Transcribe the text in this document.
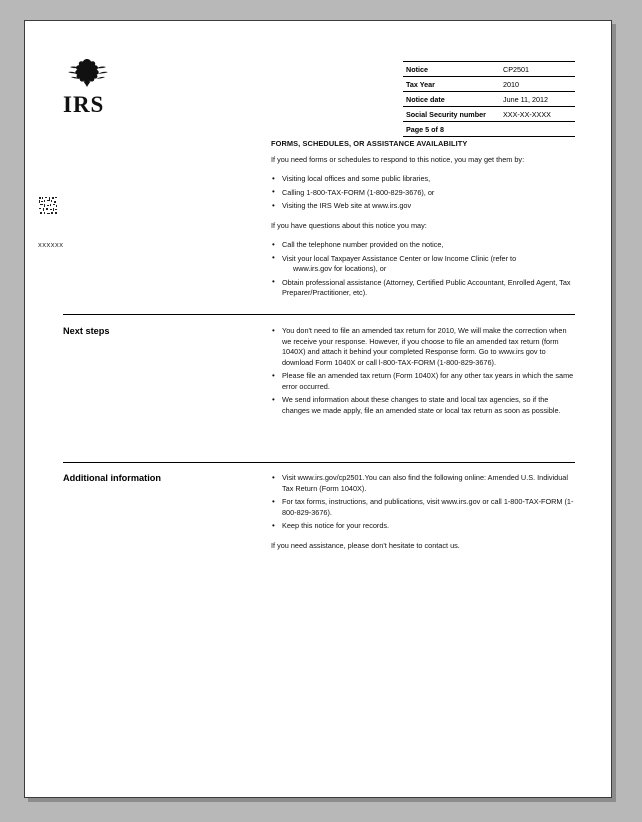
IRS
xxxxxx
Notice	CP2501
Tax Year	2010
Notice date	June 11, 2012
Social Security number	XXX-XX-XXXX
Page 5 of 8	
FORMS, SCHEDULES, OR ASSISTANCE AVAILABILITY

If you need forms or schedules to respond to this notice, you may get them by:

• Visiting local offices and some public libraries,
• Calling 1-800-TAX-FORM (1-800-829-3676), or
• Visiting the IRS Web site at www.irs.gov

If you have questions about this notice you may:

• Call the telephone number provided on the notice,
• Visit your local Taxpayer Assistance Center or low Income Clinic (refer to
www.irs.gov for locations), or
• Obtain professional assistance (Attorney, Certified Public Accountant, Enrolled Agent, Tax Preparer/Practitioner, etc).
Next steps	• You don't need to file an amended tax return for 2010, We will make the correction when we receive your response. However, if you choose to file an amended tax return (form 1040X) and attach it behind your completed Response form. Go to www.irs gov to download Form 1040X or call l-800-TAX-FORM (1-800-829-3676).
• Please file an amended tax return (Form 1040X) for any other tax years in which the same error occurred.
• We send information about these changes to state and local tax agencies, so if the changes we made apply, file an amended state or local tax return as soon as possible.
Additional information	• Visit www.irs.gov/cp2501.You can also find the following online: Amended U.S. Individual Tax Return (Form 1040X).
• For tax forms, instructions, and publications, visit www.irs.gov or call 1-800-TAX-FORM (1-800-829-3676).
• Keep this notice for your records.

If you need assistance, please don't hesitate to contact us.
